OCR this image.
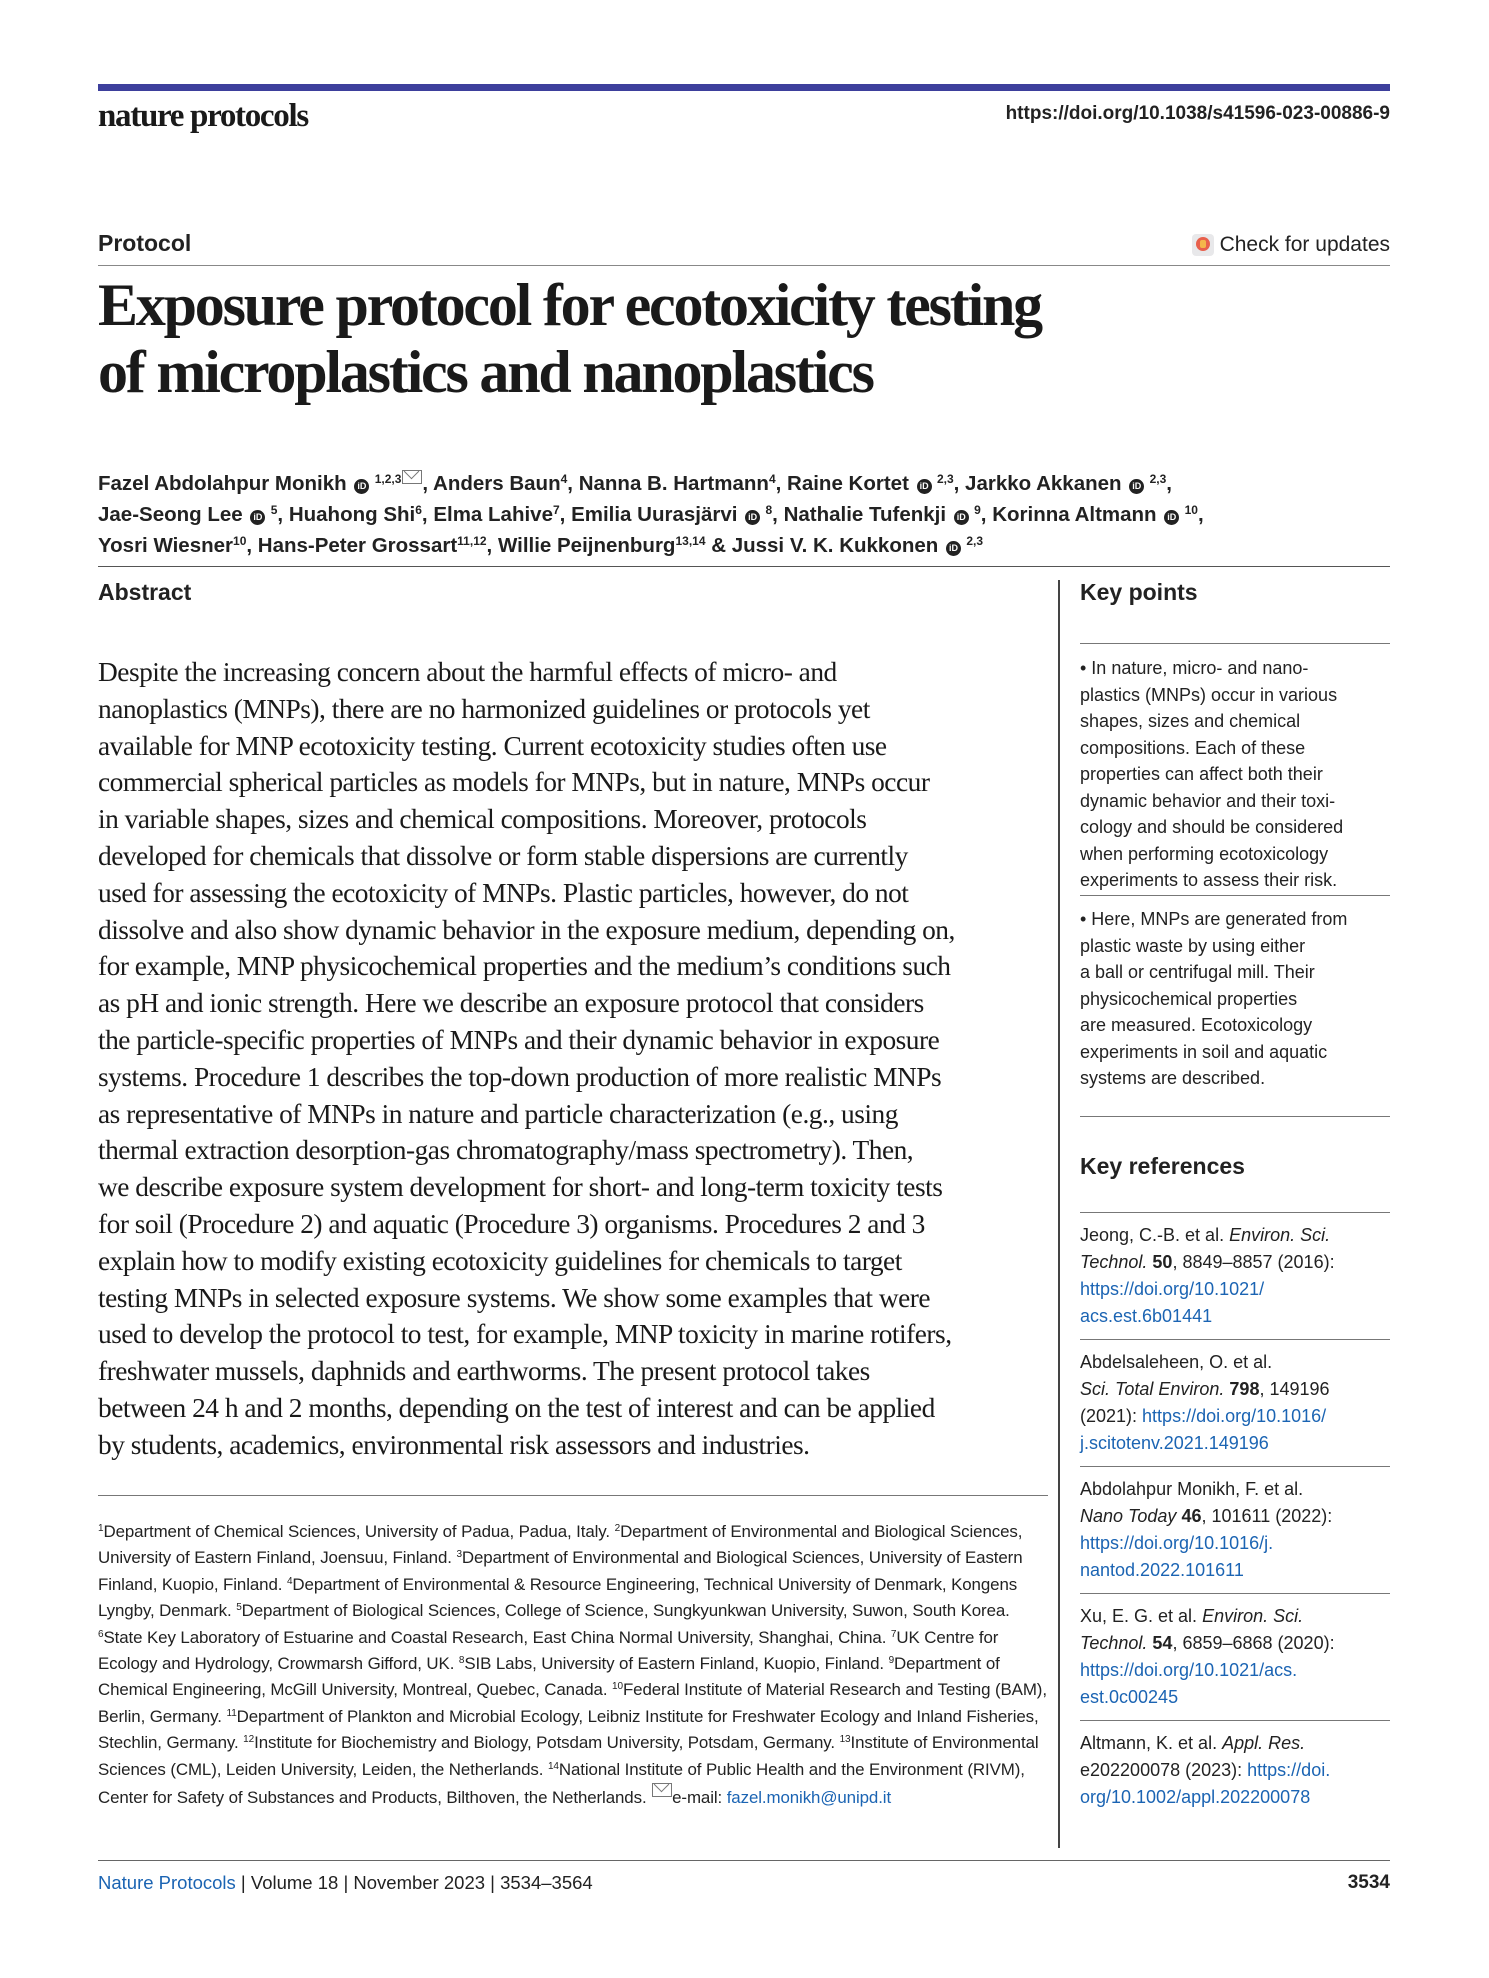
nature protocols	https://doi.org/10.1038/s41596-023-00886-9
Protocol	Check for updates
Exposure protocol for ecotoxicity testing
of microplastics and nanoplastics
Fazel Abdolahpur Monikh iD $^{1,2,3}$ , Anders Baun$^4$, Nanna B. Hartmann$^4$, Raine Kortet iD $^{2,3}$, Jarkko Akkanen iD $^{2,3}$,
Jae-Seong Lee iD $^5$, Huahong Shi$^6$, Elma Lahive$^7$, Emilia Uurasjärvi iD $^8$, Nathalie Tufenkji iD $^9$, Korinna Altmann iD $^{10}$,
Yosri Wiesner$^{10}$, Hans-Peter Grossart$^{11,12}$, Willie Peijnenburg$^{13,14}$ & Jussi V. K. Kukkonen iD $^{2,3}$
Abstract
Despite the increasing concern about the harmful effects of micro- and
nanoplastics (MNPs), there are no harmonized guidelines or protocols yet
available for MNP ecotoxicity testing. Current ecotoxicity studies often use
commercial spherical particles as models for MNPs, but in nature, MNPs occur
in variable shapes, sizes and chemical compositions. Moreover, protocols
developed for chemicals that dissolve or form stable dispersions are currently
used for assessing the ecotoxicity of MNPs. Plastic particles, however, do not
dissolve and also show dynamic behavior in the exposure medium, depending on,
for example, MNP physicochemical properties and the medium’s conditions such
as pH and ionic strength. Here we describe an exposure protocol that considers
the particle-specific properties of MNPs and their dynamic behavior in exposure
systems. Procedure 1 describes the top-down production of more realistic MNPs
as representative of MNPs in nature and particle characterization (e.g., using
thermal extraction desorption-gas chromatography/mass spectrometry). Then,
we describe exposure system development for short- and long-term toxicity tests
for soil (Procedure 2) and aquatic (Procedure 3) organisms. Procedures 2 and 3
explain how to modify existing ecotoxicity guidelines for chemicals to target
testing MNPs in selected exposure systems. We show some examples that were
used to develop the protocol to test, for example, MNP toxicity in marine rotifers,
freshwater mussels, daphnids and earthworms. The present protocol takes
between 24 h and 2 months, depending on the test of interest and can be applied
by students, academics, environmental risk assessors and industries.
Key points
• In nature, micro- and nano-
plastics (MNPs) occur in various
shapes, sizes and chemical
compositions. Each of these
properties can affect both their
dynamic behavior and their toxi-
cology and should be considered
when performing ecotoxicology
experiments to assess their risk.
• Here, MNPs are generated from
plastic waste by using either
a ball or centrifugal mill. Their
physicochemical properties
are measured. Ecotoxicology
experiments in soil and aquatic
systems are described.
Key references
Jeong, C.-B. et al. Environ. Sci.
Technol. 50, 8849–8857 (2016):
https://doi.org/10.1021/
acs.est.6b01441
Abdelsaleheen, O. et al.
Sci. Total Environ. 798, 149196
(2021): https://doi.org/10.1016/
j.scitotenv.2021.149196
Abdolahpur Monikh, F. et al.
Nano Today 46, 101611 (2022):
https://doi.org/10.1016/j.
nantod.2022.101611
Xu, E. G. et al. Environ. Sci.
Technol. 54, 6859–6868 (2020):
https://doi.org/10.1021/acs.
est.0c00245
Altmann, K. et al. Appl. Res.
e202200078 (2023): https://doi.
org/10.1002/appl.202200078
$^1$Department of Chemical Sciences, University of Padua, Padua, Italy. $^2$Department of Environmental and Biological Sciences, University of Eastern Finland, Joensuu, Finland. $^3$Department of Environmental and Biological Sciences, University of Eastern Finland, Kuopio, Finland. $^4$Department of Environmental & Resource Engineering, Technical University of Denmark, Kongens Lyngby, Denmark. $^5$Department of Biological Sciences, College of Science, Sungkyunkwan University, Suwon, South Korea. $^6$State Key Laboratory of Estuarine and Coastal Research, East China Normal University, Shanghai, China. $^7$UK Centre for Ecology and Hydrology, Crowmarsh Gifford, UK. $^8$SIB Labs, University of Eastern Finland, Kuopio, Finland. $^9$Department of Chemical Engineering, McGill University, Montreal, Quebec, Canada. $^{10}$Federal Institute of Material Research and Testing (BAM), Berlin, Germany. $^{11}$Department of Plankton and Microbial Ecology, Leibniz Institute for Freshwater Ecology and Inland Fisheries, Stechlin, Germany. $^{12}$Institute for Biochemistry and Biology, Potsdam University, Potsdam, Germany. $^{13}$Institute of Environmental Sciences (CML), Leiden University, Leiden, the Netherlands. $^{14}$National Institute of Public Health and the Environment (RIVM), Center for Safety of Substances and Products, Bilthoven, the Netherlands. e-mail: fazel.monikh@unipd.it
Nature Protocols | Volume 18 | November 2023 | 3534–3564	3534
